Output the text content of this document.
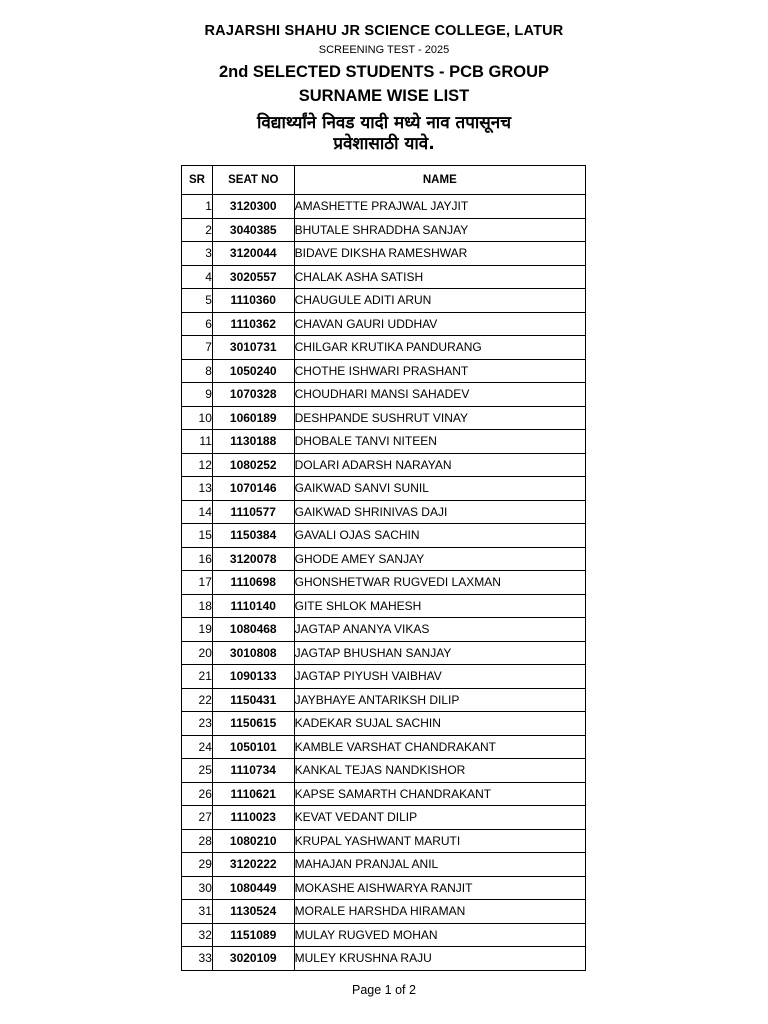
RAJARSHI SHAHU JR SCIENCE COLLEGE, LATUR
SCREENING TEST - 2025
2nd SELECTED STUDENTS - PCB GROUP
SURNAME WISE LIST
विद्यार्थ्यांने निवड यादी मध्ये नाव तपासूनच
प्रवेशासाठी यावे.
SR	SEAT NO	NAME
1	3120300	AMASHETTE PRAJWAL JAYJIT
2	3040385	BHUTALE SHRADDHA SANJAY
3	3120044	BIDAVE DIKSHA RAMESHWAR
4	3020557	CHALAK ASHA SATISH
5	1110360	CHAUGULE ADITI ARUN
6	1110362	CHAVAN GAURI UDDHAV
7	3010731	CHILGAR KRUTIKA PANDURANG
8	1050240	CHOTHE ISHWARI PRASHANT
9	1070328	CHOUDHARI MANSI SAHADEV
10	1060189	DESHPANDE SUSHRUT VINAY
11	1130188	DHOBALE TANVI NITEEN
12	1080252	DOLARI ADARSH NARAYAN
13	1070146	GAIKWAD SANVI SUNIL
14	1110577	GAIKWAD SHRINIVAS DAJI
15	1150384	GAVALI OJAS SACHIN
16	3120078	GHODE AMEY SANJAY
17	1110698	GHONSHETWAR RUGVEDI LAXMAN
18	1110140	GITE SHLOK MAHESH
19	1080468	JAGTAP ANANYA VIKAS
20	3010808	JAGTAP BHUSHAN SANJAY
21	1090133	JAGTAP PIYUSH VAIBHAV
22	1150431	JAYBHAYE ANTARIKSH DILIP
23	1150615	KADEKAR SUJAL SACHIN
24	1050101	KAMBLE VARSHAT CHANDRAKANT
25	1110734	KANKAL TEJAS NANDKISHOR
26	1110621	KAPSE SAMARTH CHANDRAKANT
27	1110023	KEVAT VEDANT DILIP
28	1080210	KRUPAL YASHWANT MARUTI
29	3120222	MAHAJAN PRANJAL ANIL
30	1080449	MOKASHE AISHWARYA RANJIT
31	1130524	MORALE HARSHDA HIRAMAN
32	1151089	MULAY RUGVED MOHAN
33	3020109	MULEY KRUSHNA RAJU
Page 1 of 2
